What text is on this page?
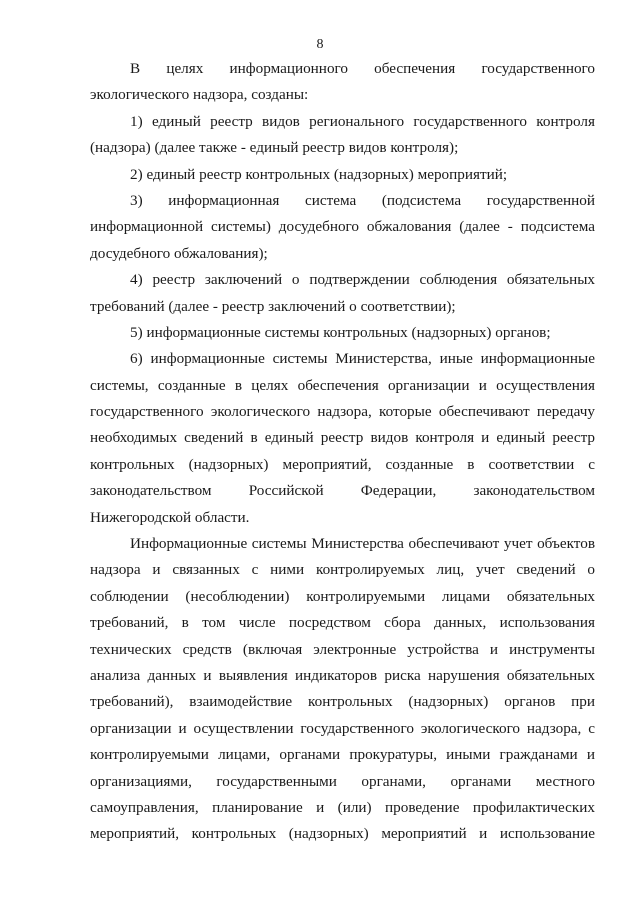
8
В целях информационного обеспечения государственного
экологического надзора, созданы:
1) единый реестр видов регионального государственного контроля
(надзора) (далее также - единый реестр видов контроля);
2) единый реестр контрольных (надзорных) мероприятий;
3) информационная система (подсистема государственной
информационной системы) досудебного обжалования (далее - подсистема
досудебного обжалования);
4) реестр заключений о подтверждении соблюдения обязательных
требований (далее - реестр заключений о соответствии);
5) информационные системы контрольных (надзорных) органов;
6) информационные системы Министерства, иные информационные
системы, созданные в целях обеспечения организации и осуществления
государственного экологического надзора, которые обеспечивают передачу
необходимых сведений в единый реестр видов контроля и единый реестр
контрольных (надзорных) мероприятий, созданные в соответствии с
законодательством Российской Федерации, законодательством
Нижегородской области.
Информационные системы Министерства обеспечивают учет объектов
надзора и связанных с ними контролируемых лиц, учет сведений о
соблюдении (несоблюдении) контролируемыми лицами обязательных
требований, в том числе посредством сбора данных, использования
технических средств (включая электронные устройства и инструменты
анализа данных и выявления индикаторов риска нарушения обязательных
требований), взаимодействие контрольных (надзорных) органов при
организации и осуществлении государственного экологического надзора, с
контролируемыми лицами, органами прокуратуры, иными гражданами и
организациями, государственными органами, органами местного
самоуправления, планирование и (или) проведение профилактических
мероприятий, контрольных (надзорных) мероприятий и использование
